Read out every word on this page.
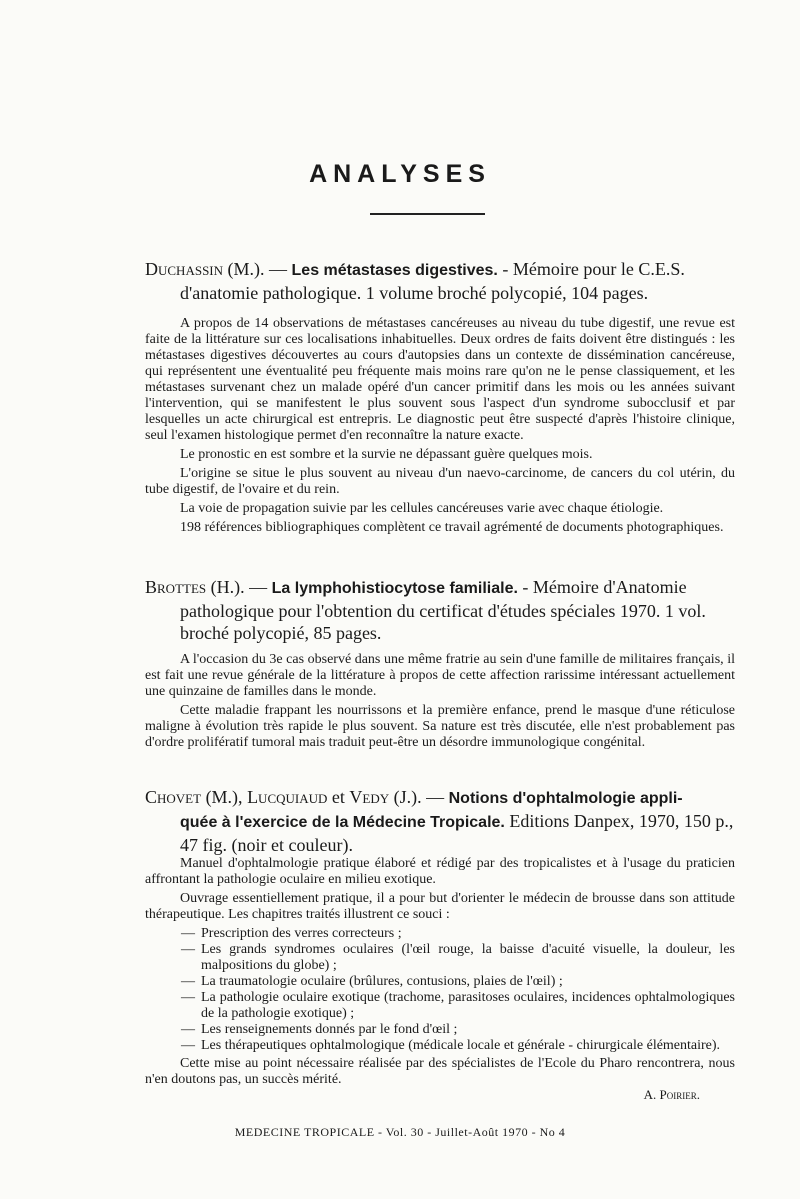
ANALYSES
Duchassin (M.). — Les métastases digestives. - Mémoire pour le C.E.S.
d'anatomie pathologique. 1 volume broché polycopié, 104 pages.

A propos de 14 observations de métastases cancéreuses au niveau du tube digestif, une revue est faite de la littérature sur ces localisations inhabituelles. Deux ordres de faits doivent être distingués : les métastases digestives découvertes au cours d'autopsies dans un contexte de dissémination cancéreuse, qui représentent une éventualité peu fréquente mais moins rare qu'on ne le pense classiquement, et les métastases survenant chez un malade opéré d'un cancer primitif dans les mois ou les années suivant l'intervention, qui se manifestent le plus souvent sous l'aspect d'un syndrome subocclusif et par lesquelles un acte chirurgical est entrepris. Le diagnostic peut être suspecté d'après l'histoire clinique, seul l'examen histologique permet d'en reconnaître la nature exacte.

Le pronostic en est sombre et la survie ne dépassant guère quelques mois.

L'origine se situe le plus souvent au niveau d'un naevo-carcinome, de cancers du col utérin, du tube digestif, de l'ovaire et du rein.

La voie de propagation suivie par les cellules cancéreuses varie avec chaque étiologie.

198 références bibliographiques complètent ce travail agrémenté de documents photographiques.

Brottes (H.). — La lymphohistiocytose familiale. - Mémoire d'Anatomie
pathologique pour l'obtention du certificat d'études spéciales 1970. 1 vol.
broché polycopié, 85 pages.

A l'occasion du 3e cas observé dans une même fratrie au sein d'une famille de militaires français, il est fait une revue générale de la littérature à propos de cette affection rarissime intéressant actuellement une quinzaine de familles dans le monde.

Cette maladie frappant les nourrissons et la première enfance, prend le masque d'une réticulose maligne à évolution très rapide le plus souvent. Sa nature est très discutée, elle n'est probablement pas d'ordre prolifératif tumoral mais traduit peut-être un désordre immunologique congénital.

Chovet (M.), Lucquiaud et Vedy (J.). — Notions d'ophtalmologie appli-
quée à l'exercice de la Médecine Tropicale. Editions Danpex, 1970, 150 p.,
47 fig. (noir et couleur).

Manuel d'ophtalmologie pratique élaboré et rédigé par des tropicalistes et à l'usage du praticien affrontant la pathologie oculaire en milieu exotique.

Ouvrage essentiellement pratique, il a pour but d'orienter le médecin de brousse dans son attitude thérapeutique. Les chapitres traités illustrent ce souci :

— Prescription des verres correcteurs ;
— Les grands syndromes oculaires (l'œil rouge, la baisse d'acuité visuelle, la douleur, les malpositions du globe) ;
— La traumatologie oculaire (brûlures, contusions, plaies de l'œil) ;
— La pathologie oculaire exotique (trachome, parasitoses oculaires, incidences ophtalmologiques de la pathologie exotique) ;
— Les renseignements donnés par le fond d'œil ;
— Les thérapeutiques ophtalmologique (médicale locale et générale - chirurgicale élémentaire).

Cette mise au point nécessaire réalisée par des spécialistes de l'Ecole du Pharo rencontrera, nous n'en doutons pas, un succès mérité.

A. Poirier.
MEDECINE TROPICALE - Vol. 30 - Juillet-Août 1970 - No 4
